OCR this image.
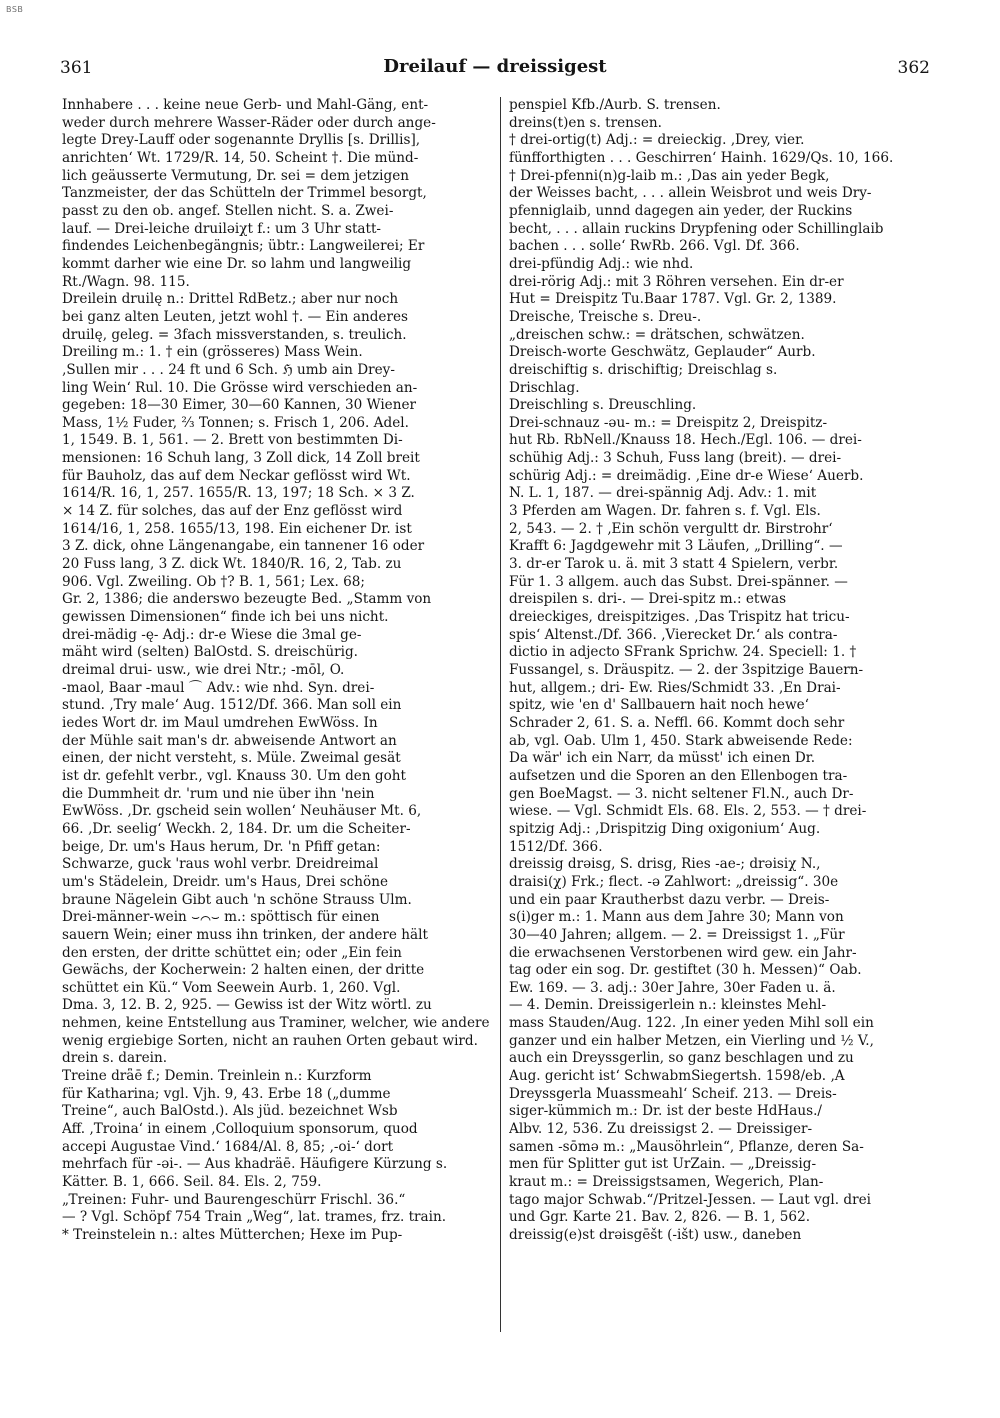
BSB
361	Dreilauf — dreissigest	362
Innhabere . . . keine neue Gerb- und Mahl-Gäng, ent-
weder durch mehrere Wasser-Räder oder durch ange-
legte Drey-Lauff oder sogenannte Dryllis [s. Drillis],
anrichten‘ Wt. 1729/R. 14, 50. Scheint †. Die münd-
lich geäusserte Vermutung, Dr. sei = dem jetzigen
Tanzmeister, der das Schütteln der Trimmel besorgt,
passt zu den ob. angef. Stellen nicht. S. a. Zwei-
lauf. — Drei-leiche druiləiχt f.: um 3 Uhr statt-
findendes Leichenbegängnis; übtr.: Langweilerei; Er
kommt darher wie eine Dr. so lahm und langweilig
Rt./Wagn. 98. 115.
Dreilein druilę n.: Drittel RdBetz.; aber nur noch
bei ganz alten Leuten, jetzt wohl †. — Ein anderes
druilę, geleg. = 3fach missverstanden, s. treulich.
Dreiling m.: 1. † ein (grösseres) Mass Wein.
‚Sullen mir . . . 24 ft und 6 Sch. ℌ umb ain Drey-
ling Wein‘ Rul. 10. Die Grösse wird verschieden an-
gegeben: 18—30 Eimer, 30—60 Kannen, 30 Wiener
Mass, 1½ Fuder, ⅔ Tonnen; s. Frisch 1, 206. Adel.
1, 1549. B. 1, 561. — 2. Brett von bestimmten Di-
mensionen: 16 Schuh lang, 3 Zoll dick, 14 Zoll breit
für Bauholz, das auf dem Neckar geflösst wird Wt.
1614/R. 16, 1, 257. 1655/R. 13, 197; 18 Sch. × 3 Z.
× 14 Z. für solches, das auf der Enz geflösst wird
1614/16, 1, 258. 1655/13, 198. Ein eichener Dr. ist
3 Z. dick, ohne Längenangabe, ein tannener 16 oder
20 Fuss lang, 3 Z. dick Wt. 1840/R. 16, 2, Tab. zu
906. Vgl. Zweiling. Ob †? B. 1, 561; Lex. 68;
Gr. 2, 1386; die anderswo bezeugte Bed. „Stamm von
gewissen Dimensionen“ finde ich bei uns nicht.
drei-mädig -ę- Adj.: dr-e Wiese die 3mal ge-
mäht wird (selten) BalOstd. S. dreischürig.
dreimal drui- usw., wie drei Ntr.; -mōl, O.
-maol, Baar -maul ⌒ Adv.: wie nhd. Syn. drei-
stund. ‚Try male‘ Aug. 1512/Df. 366. Man soll ein
iedes Wort dr. im Maul umdrehen EwWöss. In
der Mühle sait man's dr. abweisende Antwort an
einen, der nicht versteht, s. Müle. Zweimal gesät
ist dr. gefehlt verbr., vgl. Knauss 30. Um den goht
die Dummheit dr. 'rum und nie über ihn 'nein
EwWöss. ‚Dr. gscheid sein wollen‘ Neuhäuser Mt. 6,
66. ‚Dr. seelig‘ Weckh. 2, 184. Dr. um die Scheiter-
beige, Dr. um's Haus herum, Dr. 'n Pfiff getan:
Schwarze, guck 'raus wohl verbr. Dreidreimal
um's Städelein, Dreidr. um's Haus, Drei schöne
braune Nägelein Gibt auch 'n schöne Strauss Ulm.
Drei-männer-wein ⌣⌒⌣ m.: spöttisch für einen
sauern Wein; einer muss ihn trinken, der andere hält
den ersten, der dritte schüttet ein; oder „Ein fein
Gewächs, der Kocherwein: 2 halten einen, der dritte
schüttet ein Kü.“ Vom Seewein Aurb. 1, 260. Vgl.
Dma. 3, 12. B. 2, 925. — Gewiss ist der Witz wörtl. zu
nehmen, keine Entstellung aus Traminer, welcher, wie andere
wenig ergiebige Sorten, nicht an rauhen Orten gebaut wird.
drein s. darein.
Treine drǟē f.; Demin. Treinlein n.: Kurzform
für Katharina; vgl. Vjh. 9, 43. Erbe 18 („dumme
Treine“, auch BalOstd.). Als jüd. bezeichnet Wsb
Aff. ‚Troina‘ in einem ‚Colloquium sponsorum, quod
accepi Augustae Vind.‘ 1684/Al. 8, 85; ‚-oi-‘ dort
mehrfach für -əi-. — Aus khadräē. Häufigere Kürzung s.
Kätter. B. 1, 666. Seil. 84. Els. 2, 759.
„Treinen: Fuhr- und Baurengeschürr Frischl. 36.“
— ? Vgl. Schöpf 754 Train „Weg“, lat. trames, frz. train.
* Treinstelein n.: altes Mütterchen; Hexe im Pup-
penspiel Kfb./Aurb. S. trensen.
dreins(t)en s. trensen.
† drei-ortig(t) Adj.: = dreieckig. ‚Drey, vier.
fünfforthigten . . . Geschirren‘ Hainh. 1629/Qs. 10, 166.
† Drei-pfenni(n)g-laib m.: ‚Das ain yeder Begk,
der Weisses bacht, . . . allein Weisbrot und weis Dry-
pfenniglaib, unnd dagegen ain yeder, der Ruckins
becht, . . . allain ruckins Drypfening oder Schillinglaib
bachen . . . solle‘ RwRb. 266. Vgl. Df. 366.
drei-pfündig Adj.: wie nhd.
drei-rörig Adj.: mit 3 Röhren versehen. Ein dr-er
Hut = Dreispitz Tu.Baar 1787. Vgl. Gr. 2, 1389.
Dreische, Treische s. Dreu-.
„dreischen schw.: = drätschen, schwätzen.
Dreisch-worte Geschwätz, Geplauder“ Aurb.
dreischiftig s. drischiftig; Dreischlag s.
Drischlag.
Dreischling s. Dreuschling.
Drei-schnauz -əu- m.: = Dreispitz 2, Dreispitz-
hut Rb. RbNell./Knauss 18. Hech./Egl. 106. — drei-
schühig Adj.: 3 Schuh, Fuss lang (breit). — drei-
schürig Adj.: = dreimädig. ‚Eine dr-e Wiese‘ Auerb.
N. L. 1, 187. — drei-spännig Adj. Adv.: 1. mit
3 Pferden am Wagen. Dr. fahren s. f. Vgl. Els.
2, 543. — 2. † ‚Ein schön vergultt dr. Birstrohr‘
Krafft 6: Jagdgewehr mit 3 Läufen, „Drilling“. —
3. dr-er Tarok u. ä. mit 3 statt 4 Spielern, verbr.
Für 1. 3 allgem. auch das Subst. Drei-spänner. —
dreispilen s. dri-. — Drei-spitz m.: etwas
dreieckiges, dreispitziges. ‚Das Trispitz hat tricu-
spis‘ Altenst./Df. 366. ‚Vierecket Dr.‘ als contra-
dictio in adjecto SFrank Sprichw. 24. Speciell: 1. †
Fussangel, s. Dräuspitz. — 2. der 3spitzige Bauern-
hut, allgem.; dri- Ew. Ries/Schmidt 33. ‚En Drai-
spitz, wie 'en d' Sallbauern hait noch hewe‘
Schrader 2, 61. S. a. Neffl. 66. Kommt doch sehr
ab, vgl. Oab. Ulm 1, 450. Stark abweisende Rede:
Da wär' ich ein Narr, da müsst' ich einen Dr.
aufsetzen und die Sporen an den Ellenbogen tra-
gen BoeMagst. — 3. nicht seltener Fl.N., auch Dr-
wiese. — Vgl. Schmidt Els. 68. Els. 2, 553. — † drei-
spitzig Adj.: ‚Drispitzig Ding oxigonium‘ Aug.
1512/Df. 366.
dreissig drəisg, S. drisg, Ries -ae-; drəisiχ N.,
draisi(χ) Frk.; flect. -ə Zahlwort: „dreissig“. 30e
und ein paar Krautherbst dazu verbr. — Dreis-
s(i)ger m.: 1. Mann aus dem Jahre 30; Mann von
30—40 Jahren; allgem. — 2. = Dreissigst 1. „Für
die erwachsenen Verstorbenen wird gew. ein Jahr-
tag oder ein sog. Dr. gestiftet (30 h. Messen)“ Oab.
Ew. 169. — 3. adj.: 30er Jahre, 30er Faden u. ä.
— 4. Demin. Dreissigerlein n.: kleinstes Mehl-
mass Stauden/Aug. 122. ‚In einer yeden Mihl soll ein
ganzer und ein halber Metzen, ein Vierling und ½ V.,
auch ein Dreyssgerlin, so ganz beschlagen und zu
Aug. gericht ist‘ SchwabmSiegertsh. 1598/eb. ‚A
Dreyssgerla Muassmeahl‘ Scheif. 213. — Dreis-
siger-kümmich m.: Dr. ist der beste HdHaus./
Albv. 12, 536. Zu dreissigst 2. — Dreissiger-
samen -sōmə m.: „Mausöhrlein“, Pflanze, deren Sa-
men für Splitter gut ist UrZain. — „Dreissig-
kraut m.: = Dreissigstsamen, Wegerich, Plan-
tago major Schwab.“/Pritzel-Jessen. — Laut vgl. drei
und Ggr. Karte 21. Bav. 2, 826. — B. 1, 562.
dreissig(e)st drəisgēšt (-išt) usw., daneben
